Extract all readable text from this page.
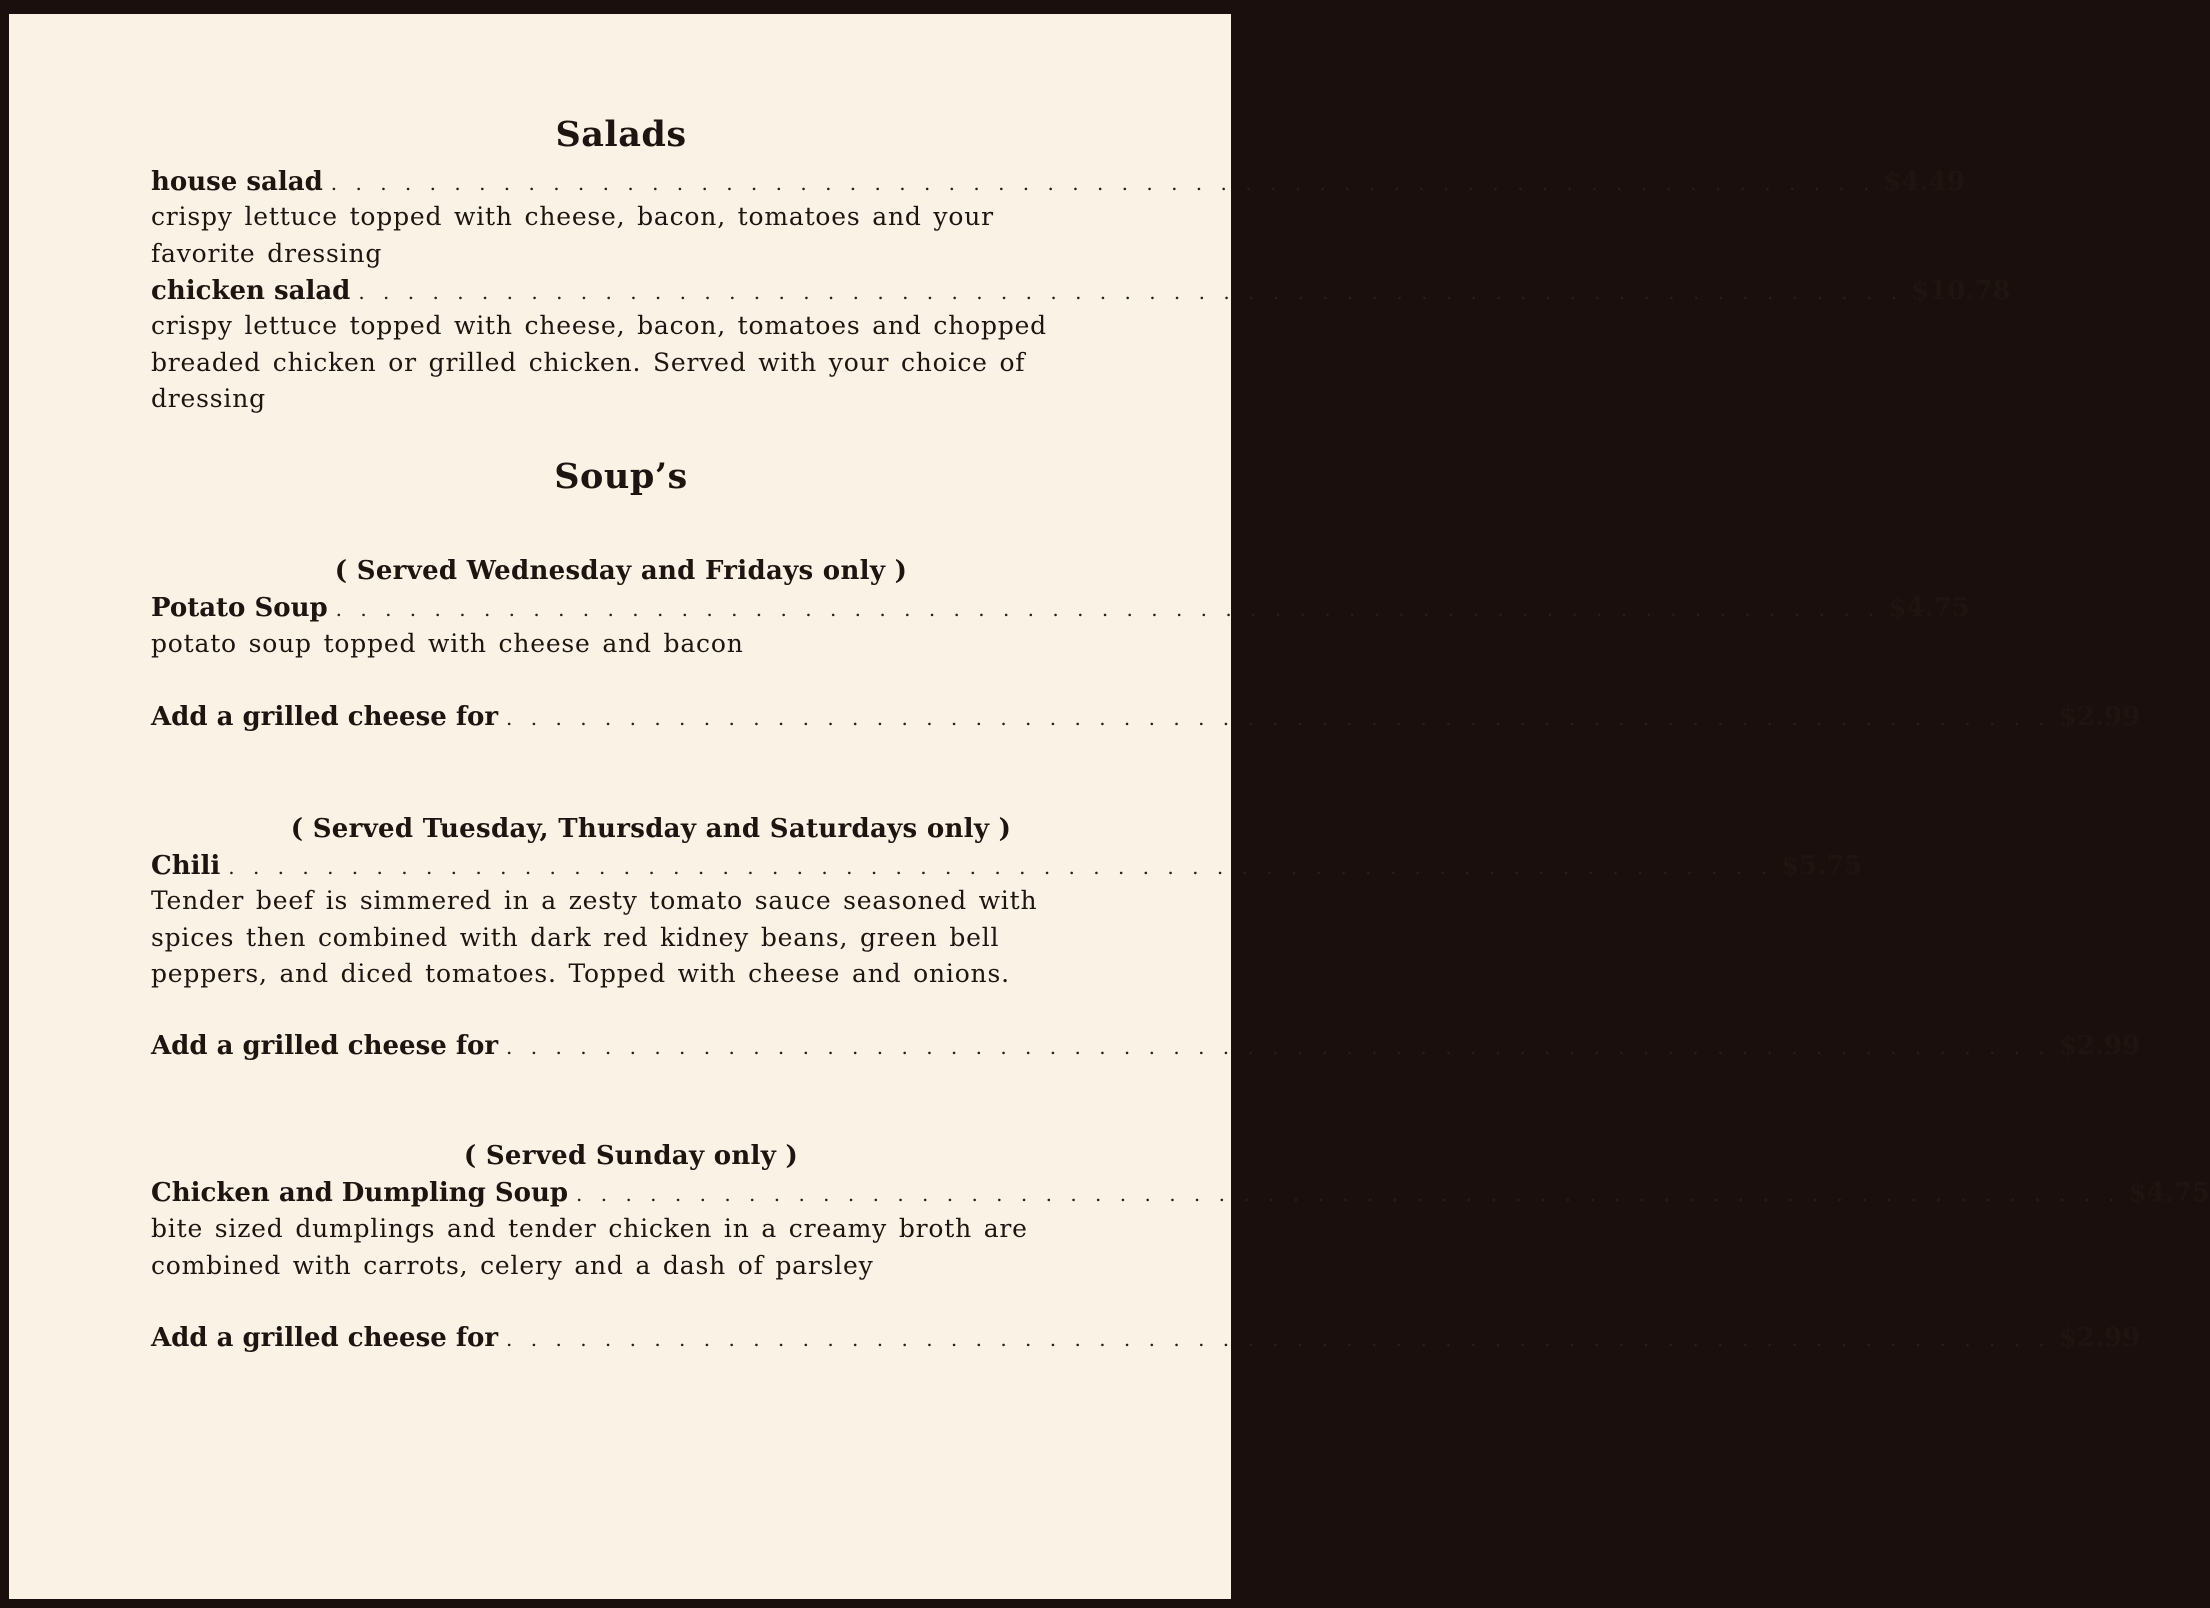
Salads
house salad . . . . . . . . . . . . . . . . . . . . . . . . . . . . . . . . . . . . . . . . . . . . . . . . . . . . . . . . . . . . . . . $4.49
crispy lettuce topped with cheese, bacon, tomatoes and your favorite dressing
chicken salad . . . . . . . . . . . . . . . . . . . . . . . . . . . . . . . . . . . . . . . . . . . . . . . . . . . . . . . . . . . . . . . $10.78
crispy lettuce topped with cheese, bacon, tomatoes and chopped breaded chicken or grilled chicken. Served with your choice of dressing
Soup’s
( Served Wednesday and Fridays only )
Potato Soup . . . . . . . . . . . . . . . . . . . . . . . . . . . . . . . . . . . . . . . . . . . . . . . . . . . . . . . . . . . . . . . $4.75
potato soup topped with cheese and bacon
Add a grilled cheese for . . . . . . . . . . . . . . . . . . . . . . . . . . . . . . . . . . . . . . . . . . . . . . . . . . . . . . . . . . . . . . . $2.99
( Served Tuesday, Thursday and Saturdays only )
Chili . . . . . . . . . . . . . . . . . . . . . . . . . . . . . . . . . . . . . . . . . . . . . . . . . . . . . . . . . . . . . . . $5.75
Tender beef is simmered in a zesty tomato sauce seasoned with spices then combined with dark red kidney beans, green bell peppers, and diced tomatoes. Topped with cheese and onions.
Add a grilled cheese for . . . . . . . . . . . . . . . . . . . . . . . . . . . . . . . . . . . . . . . . . . . . . . . . . . . . . . . . . . . . . . . $2.99
( Served Sunday only )
Chicken and Dumpling Soup . . . . . . . . . . . . . . . . . . . . . . . . . . . . . . . . . . . . . . . . . . . . . . . . . . . . . . . . . . . . . . . $4.75
bite sized dumplings and tender chicken in a creamy broth are combined with carrots, celery and a dash of parsley
Add a grilled cheese for . . . . . . . . . . . . . . . . . . . . . . . . . . . . . . . . . . . . . . . . . . . . . . . . . . . . . . . . . . . . . . . $2.99
